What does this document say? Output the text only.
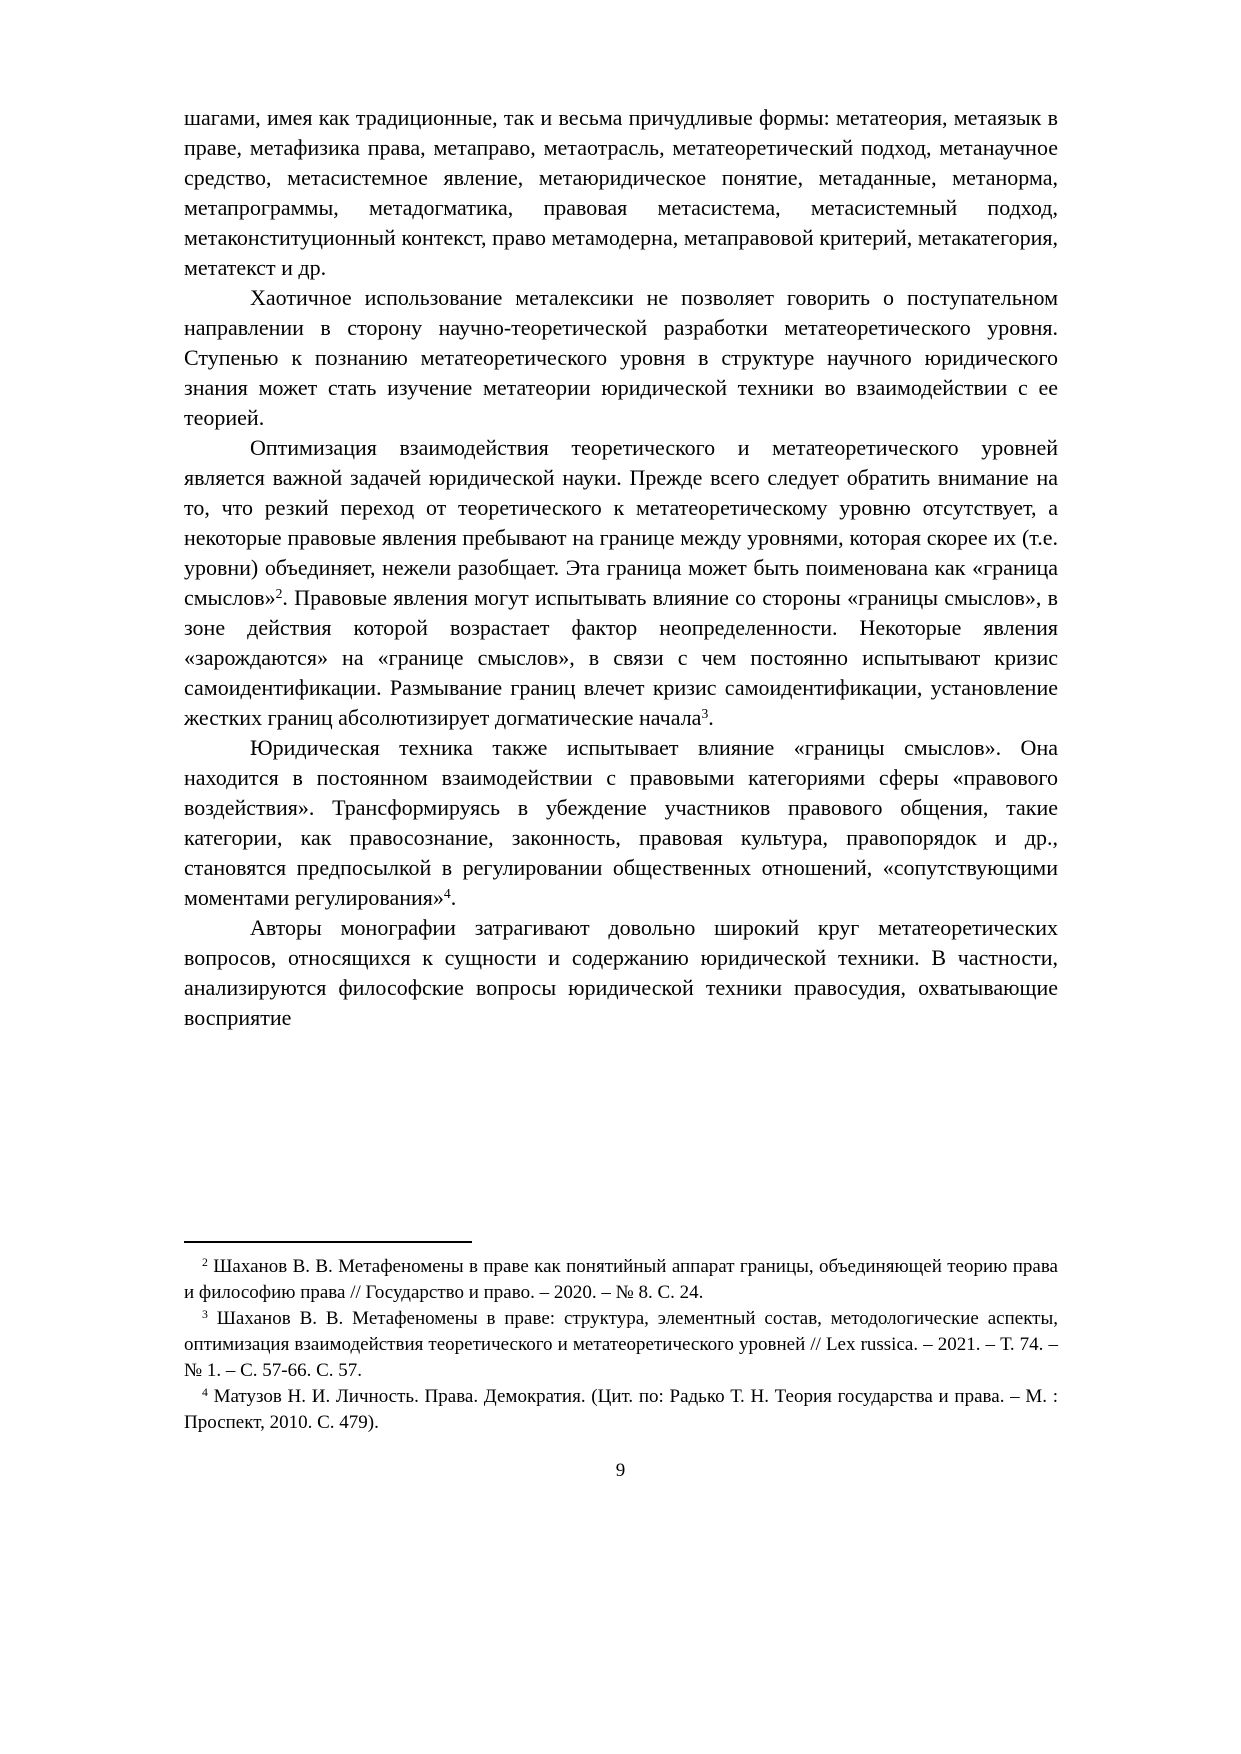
шагами, имея как традиционные, так и весьма причудливые формы: метатеория, метаязык в праве, метафизика права, метаправо, метаотрасль, метатеоретический подход, метанаучное средство, метасистемное явление, метаюридическое понятие, метаданные, метанорма, метапрограммы, метадогматика, правовая метасистема, метасистемный подход, метаконституционный контекст, право метамодерна, метаправовой критерий, метакатегория, метатекст и др.

Хаотичное использование металексики не позволяет говорить о поступательном направлении в сторону научно-теоретической разработки метатеоретического уровня. Ступенью к познанию метатеоретического уровня в структуре научного юридического знания может стать изучение метатеории юридической техники во взаимодействии с ее теорией.

Оптимизация взаимодействия теоретического и метатеоретического уровней является важной задачей юридической науки. Прежде всего следует обратить внимание на то, что резкий переход от теоретического к метатеоретическому уровню отсутствует, а некоторые правовые явления пребывают на границе между уровнями, которая скорее их (т.е. уровни) объединяет, нежели разобщает. Эта граница может быть поименована как «граница смыслов»$^2$. Правовые явления могут испытывать влияние со стороны «границы смыслов», в зоне действия которой возрастает фактор неопределенности. Некоторые явления «зарождаются» на «границе смыслов», в связи с чем постоянно испытывают кризис самоидентификации. Размывание границ влечет кризис самоидентификации, установление жестких границ абсолютизирует догматические начала$^3$.

Юридическая техника также испытывает влияние «границы смыслов». Она находится в постоянном взаимодействии с правовыми категориями сферы «правового воздействия». Трансформируясь в убеждение участников правового общения, такие категории, как правосознание, законность, правовая культура, правопорядок и др., становятся предпосылкой в регулировании общественных отношений, «сопутствующими моментами регулирования»$^4$.

Авторы монографии затрагивают довольно широкий круг метатеоретических вопросов, относящихся к сущности и содержанию юридической техники. В частности, анализируются философские вопросы юридической техники правосудия, охватывающие восприятие

$^2$ Шаханов В. В. Метафеномены в праве как понятийный аппарат границы, объединяющей теорию права и философию права // Государство и право. – 2020. – № 8. С. 24.

$^3$ Шаханов В. В. Метафеномены в праве: структура, элементный состав, методологические аспекты, оптимизация взаимодействия теоретического и метатеоретического уровней // Lex russica. – 2021. – Т. 74. – № 1. – С. 57-66. С. 57.

$^4$ Матузов Н. И. Личность. Права. Демократия. (Цит. по: Радько Т. Н. Теория государства и права. – М. : Проспект, 2010. С. 479).

9
